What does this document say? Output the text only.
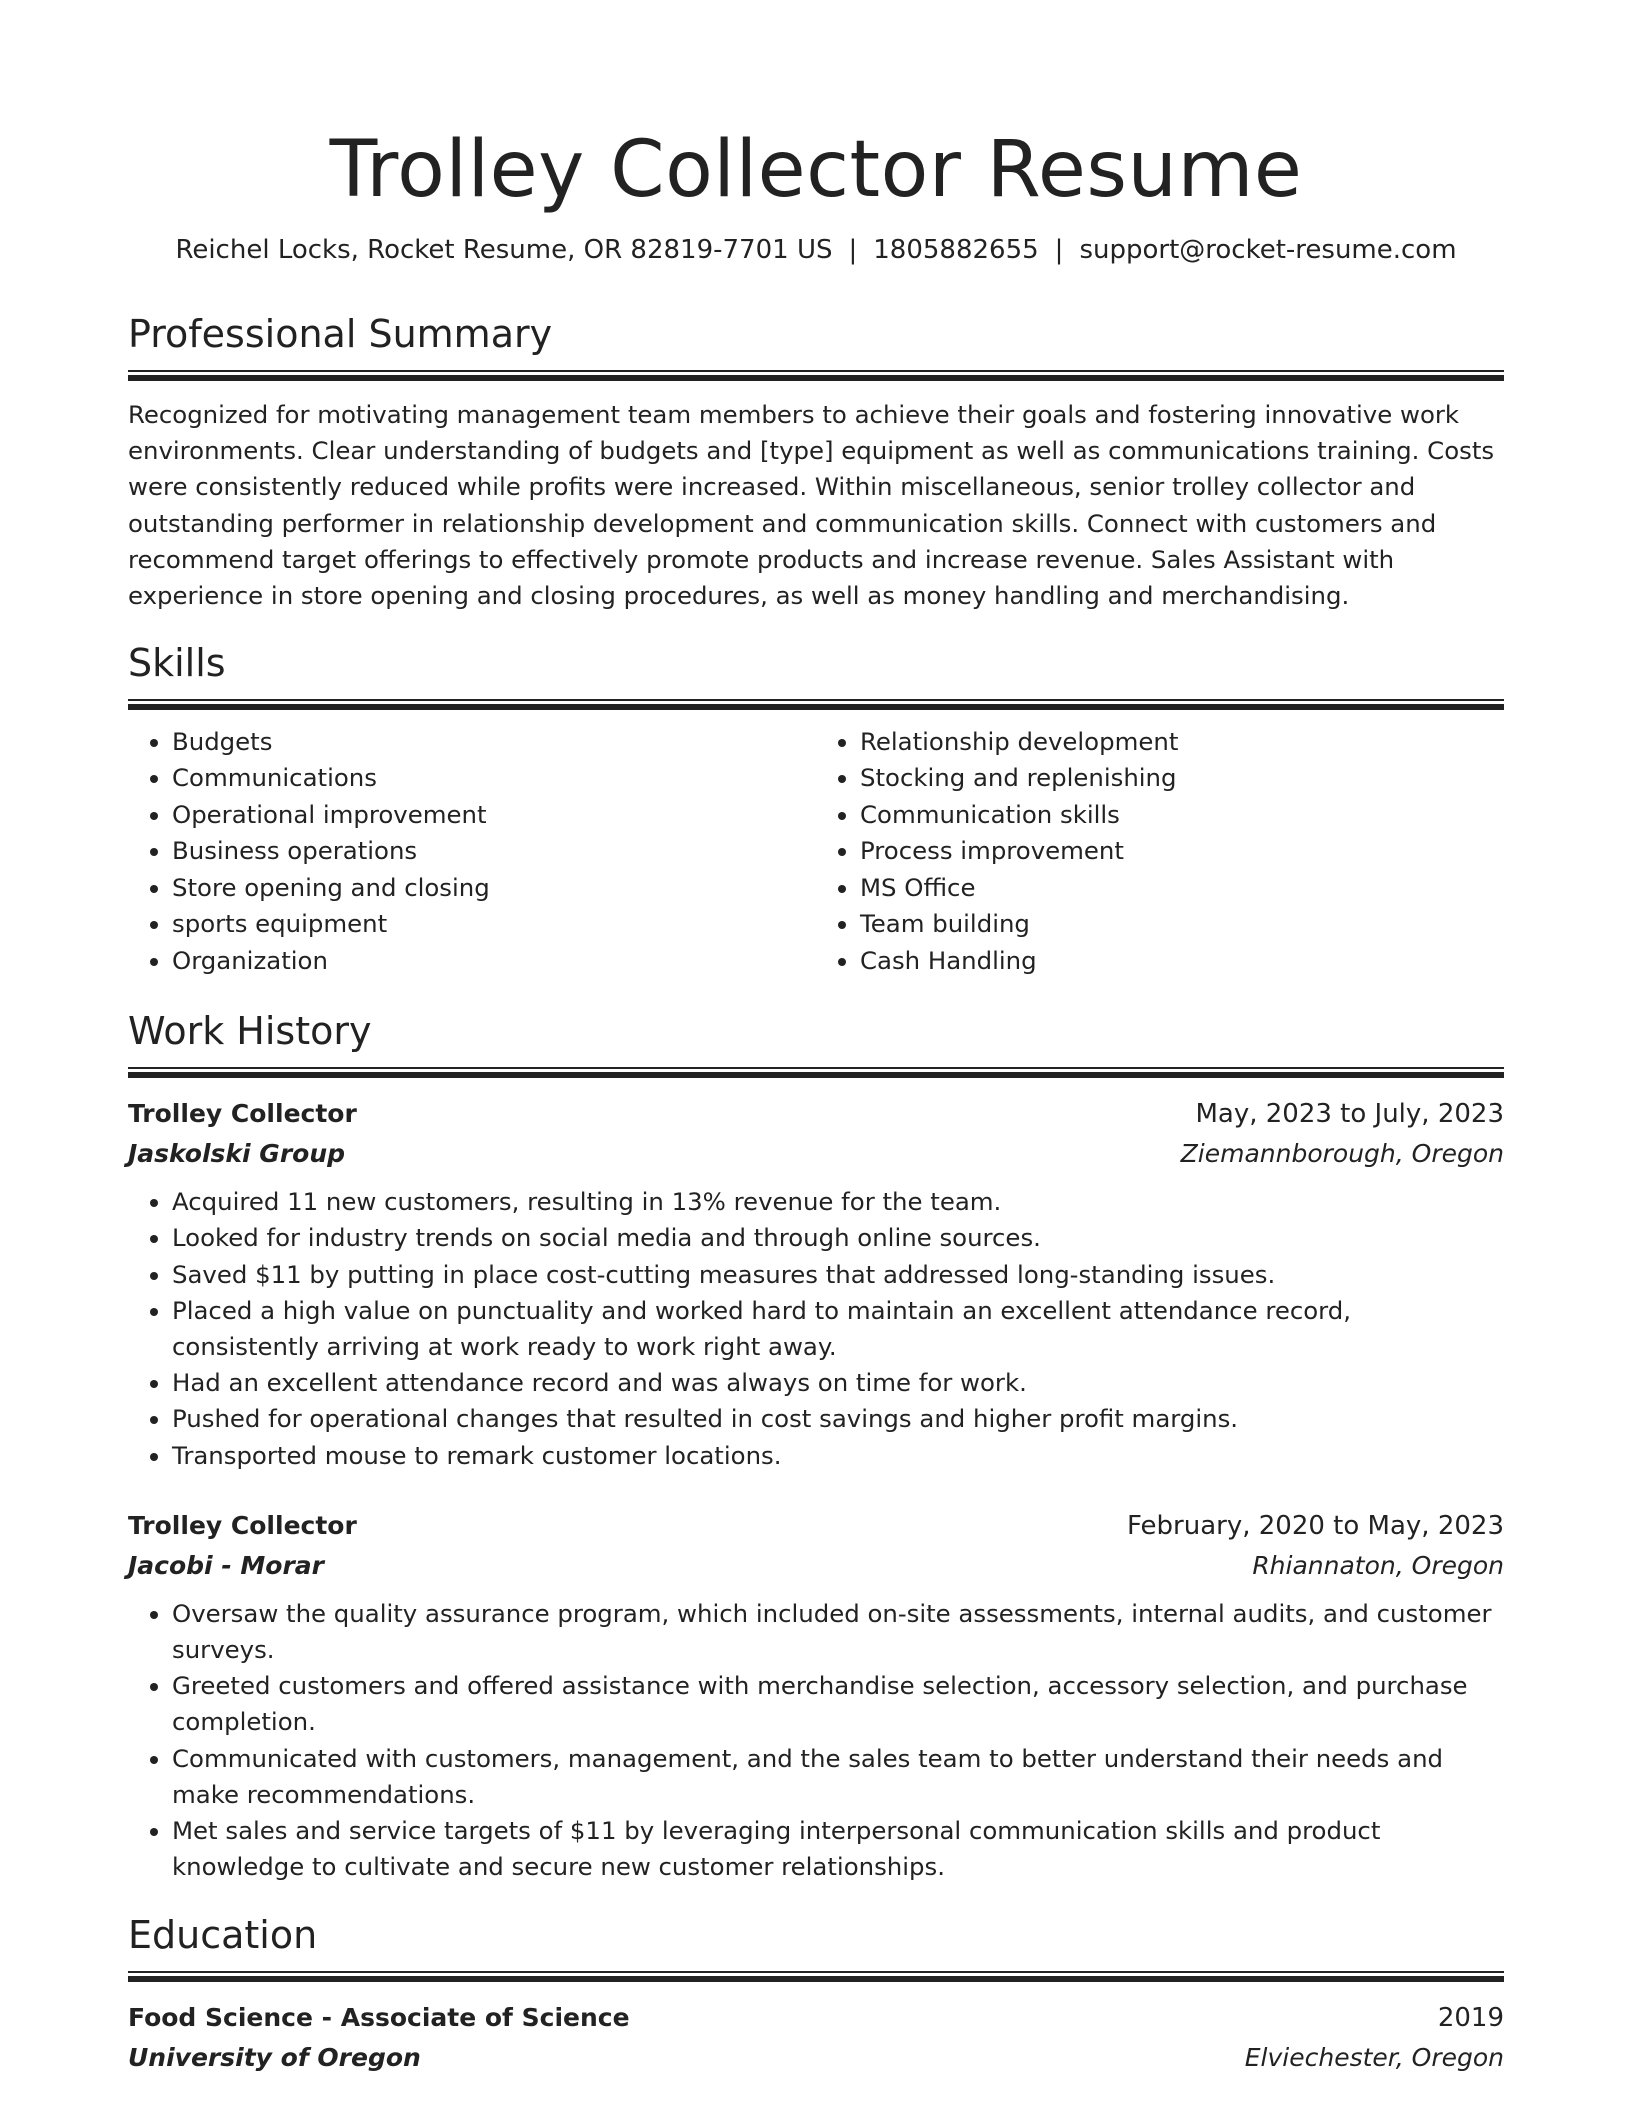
Trolley Collector Resume
Reichel Locks, Rocket Resume, OR 82819-7701 US | 1805882655 | support@rocket-resume.com
Professional Summary

Recognized for motivating management team members to achieve their goals and fostering innovative work environments. Clear understanding of budgets and [type] equipment as well as communications training. Costs were consistently reduced while profits were increased. Within miscellaneous, senior trolley collector and outstanding performer in relationship development and communication skills. Connect with customers and recommend target offerings to effectively promote products and increase revenue. Sales Assistant with experience in store opening and closing procedures, as well as money handling and merchandising.

Skills
• Budgets
• Communications
• Operational improvement
• Business operations
• Store opening and closing
• sports equipment
• Organization
• Relationship development
• Stocking and replenishing
• Communication skills
• Process improvement
• MS Office
• Team building
• Cash Handling
Work History
Trolley Collector	May, 2023 to July, 2023
Jaskolski Group	Ziemannborough, Oregon
• Acquired 11 new customers, resulting in 13% revenue for the team.
• Looked for industry trends on social media and through online sources.
• Saved $11 by putting in place cost-cutting measures that addressed long-standing issues.
• Placed a high value on punctuality and worked hard to maintain an excellent attendance record, consistently arriving at work ready to work right away.
• Had an excellent attendance record and was always on time for work.
• Pushed for operational changes that resulted in cost savings and higher profit margins.
• Transported mouse to remark customer locations.
Trolley Collector	February, 2020 to May, 2023
Jacobi - Morar	Rhiannaton, Oregon
• Oversaw the quality assurance program, which included on-site assessments, internal audits, and customer surveys.
• Greeted customers and offered assistance with merchandise selection, accessory selection, and purchase completion.
• Communicated with customers, management, and the sales team to better understand their needs and make recommendations.
• Met sales and service targets of $11 by leveraging interpersonal communication skills and product knowledge to cultivate and secure new customer relationships.
Education
Food Science - Associate of Science	2019
University of Oregon	Elviechester, Oregon
